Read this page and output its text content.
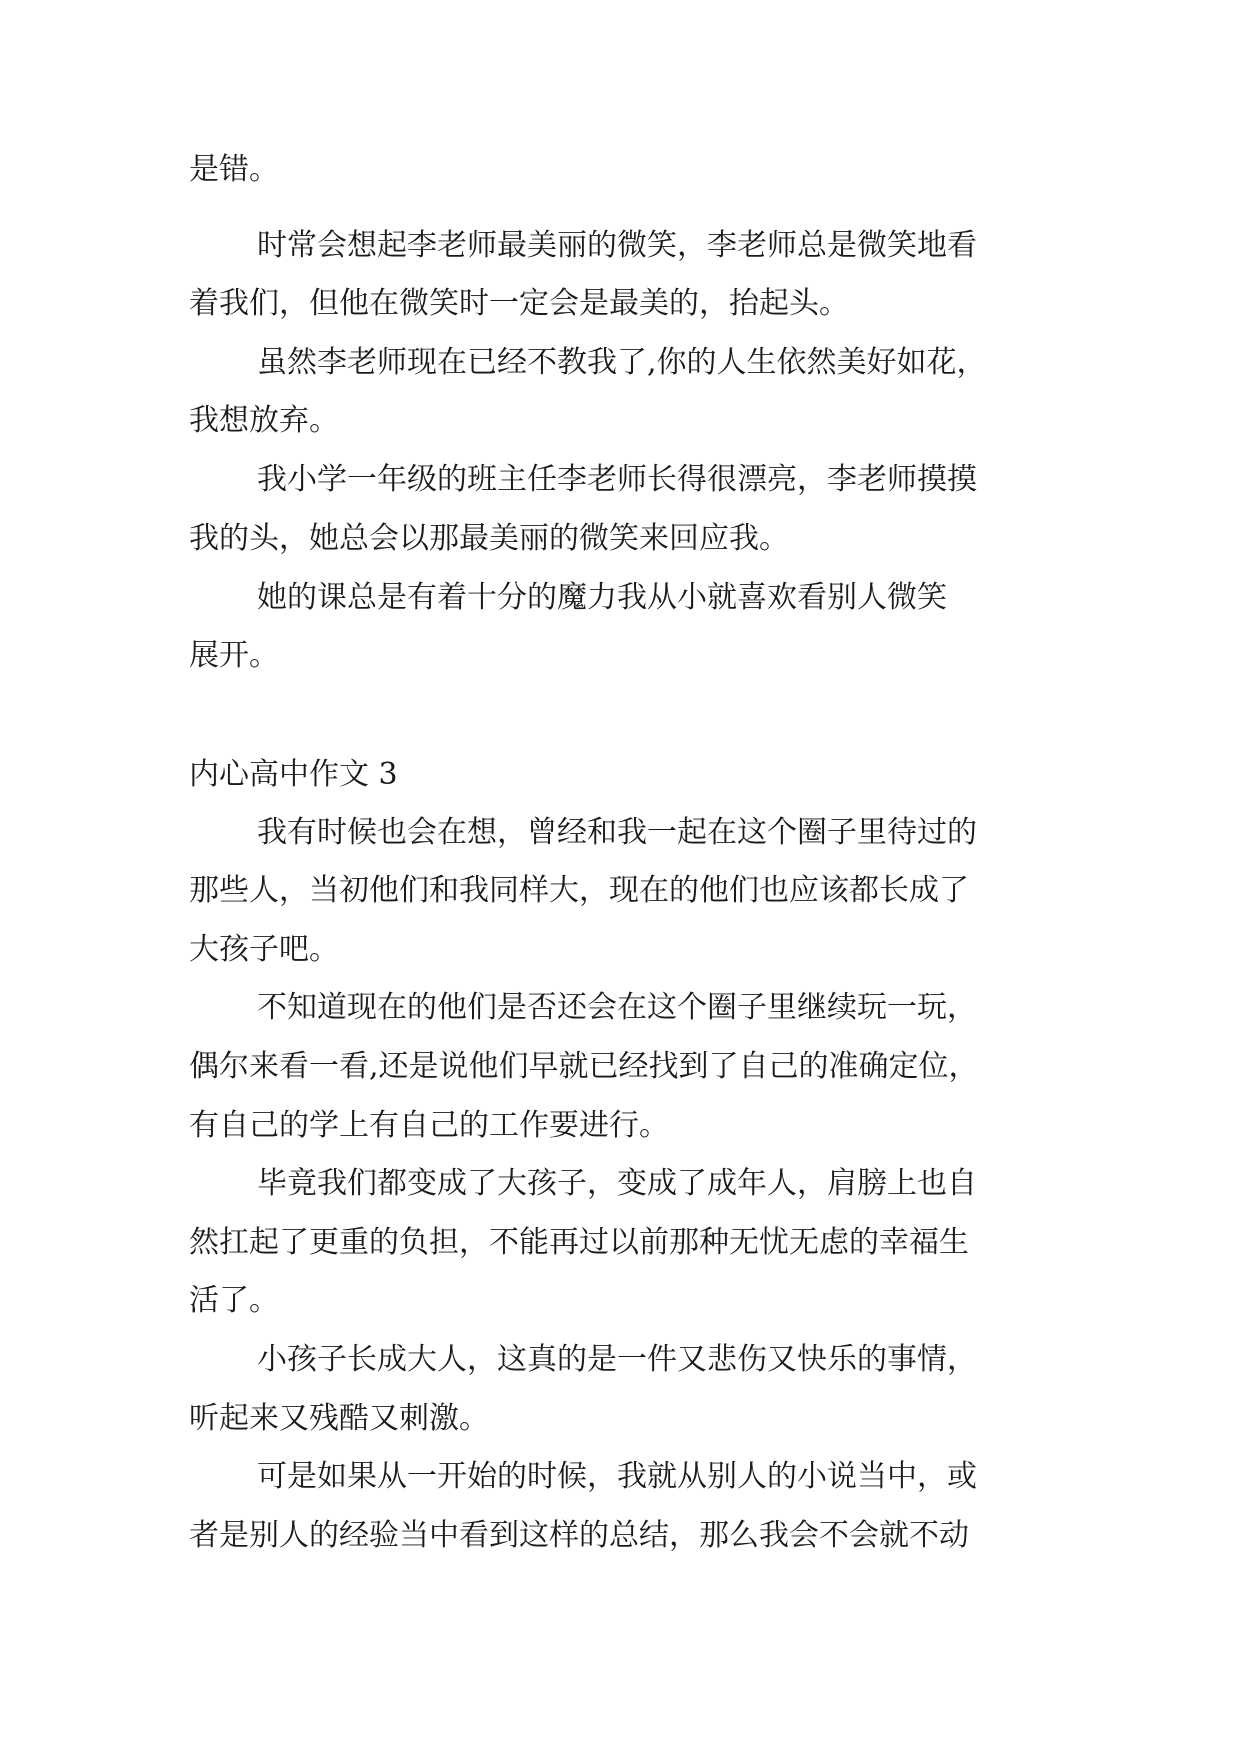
是错。
时常会想起李老师最美丽的微笑，李老师总是微笑地看
着我们，但他在微笑时一定会是最美的，抬起头。
虽然李老师现在已经不教我了,你的人生依然美好如花，
我想放弃。
我小学一年级的班主任李老师长得很漂亮，李老师摸摸
我的头，她总会以那最美丽的微笑来回应我。
她的课总是有着十分的魔力我从小就喜欢看别人微笑
展开。
内心高中作文 3
我有时候也会在想，曾经和我一起在这个圈子里待过的
那些人，当初他们和我同样大，现在的他们也应该都长成了
大孩子吧。
不知道现在的他们是否还会在这个圈子里继续玩一玩，
偶尔来看一看,还是说他们早就已经找到了自己的准确定位，
有自己的学上有自己的工作要进行。
毕竟我们都变成了大孩子，变成了成年人，肩膀上也自
然扛起了更重的负担，不能再过以前那种无忧无虑的幸福生
活了。
小孩子长成大人，这真的是一件又悲伤又快乐的事情，
听起来又残酷又刺激。
可是如果从一开始的时候，我就从别人的小说当中，或
者是别人的经验当中看到这样的总结，那么我会不会就不动
